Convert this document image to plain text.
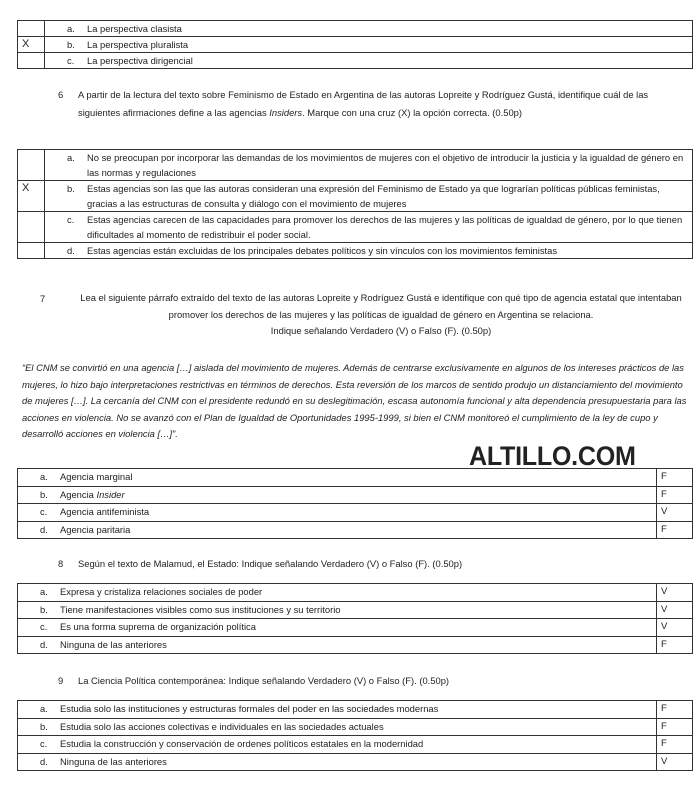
	a. La perspectiva clasista

X	b. La perspectiva pluralista

	c. La perspectiva dirigencial
6 A partir de la lectura del texto sobre Feminismo de Estado en Argentina de las autoras Lopreite y Rodríguez Gustá, identifique cuál de las siguientes afirmaciones define a las agencias Insiders. Marque con una cruz (X) la opción correcta. (0.50p)

	a. No se preocupan por incorporar las demandas de los movimientos de mujeres con el objetivo de introducir la justicia y la igualdad de género en las normas y regulaciones

X	b. Estas agencias son las que las autoras consideran una expresión del Feminismo de Estado ya que lograrían políticas públicas feministas, gracias a las estructuras de consulta y diálogo con el movimiento de mujeres

	c. Estas agencias carecen de las capacidades para promover los derechos de las mujeres y las políticas de igualdad de género, por lo que tienen dificultades al momento de redistribuir el poder social.

	d. Estas agencias están excluidas de los principales debates políticos y sin vínculos con los movimientos feministas
7	Lea el siguiente párrafo extraído del texto de las autoras Lopreite y Rodríguez Gustá e identifique con qué tipo de agencia estatal que intentaban promover los derechos de las mujeres y las políticas de igualdad de género en Argentina se relaciona.
Indique señalando Verdadero (V) o Falso (F). (0.50p)
“El CNM se convirtió en una agencia […] aislada del movimiento de mujeres. Además de centrarse exclusivamente en algunos de los intereses prácticos de las mujeres, lo hizo bajo interpretaciones restrictivas en términos de derechos. Esta reversión de los marcos de sentido produjo un distanciamiento del movimiento de mujeres […]. La cercanía del CNM con el presidente redundó en su deslegitimación, escasa autonomía funcional y alta dependencia presupuestaria para las acciones en violencia. No se avanzó con el Plan de Igualdad de Oportunidades 1995-1999, si bien el CNM monitoreó el cumplimiento de la ley de cupo y desarrolló acciones en violencia […]”.
ALTILLO.COM
a. Agencia marginal	F

b. Agencia Insider	F

c. Agencia antifeminista	V

d. Agencia paritaria	F
8 Según el texto de Malamud, el Estado: Indique señalando Verdadero (V) o Falso (F). (0.50p)
a. Expresa y cristaliza relaciones sociales de poder	V

b. Tiene manifestaciones visibles como sus instituciones y su territorio	V

c. Es una forma suprema de organización política	V

d. Ninguna de las anteriores	F
9 La Ciencia Política contemporánea: Indique señalando Verdadero (V) o Falso (F). (0.50p)
a. Estudia solo las instituciones y estructuras formales del poder en las sociedades modernas	F

b. Estudia solo las acciones colectivas e individuales en las sociedades actuales	F

c. Estudia la construcción y conservación de ordenes políticos estatales en la modernidad	F

d. Ninguna de las anteriores	V
